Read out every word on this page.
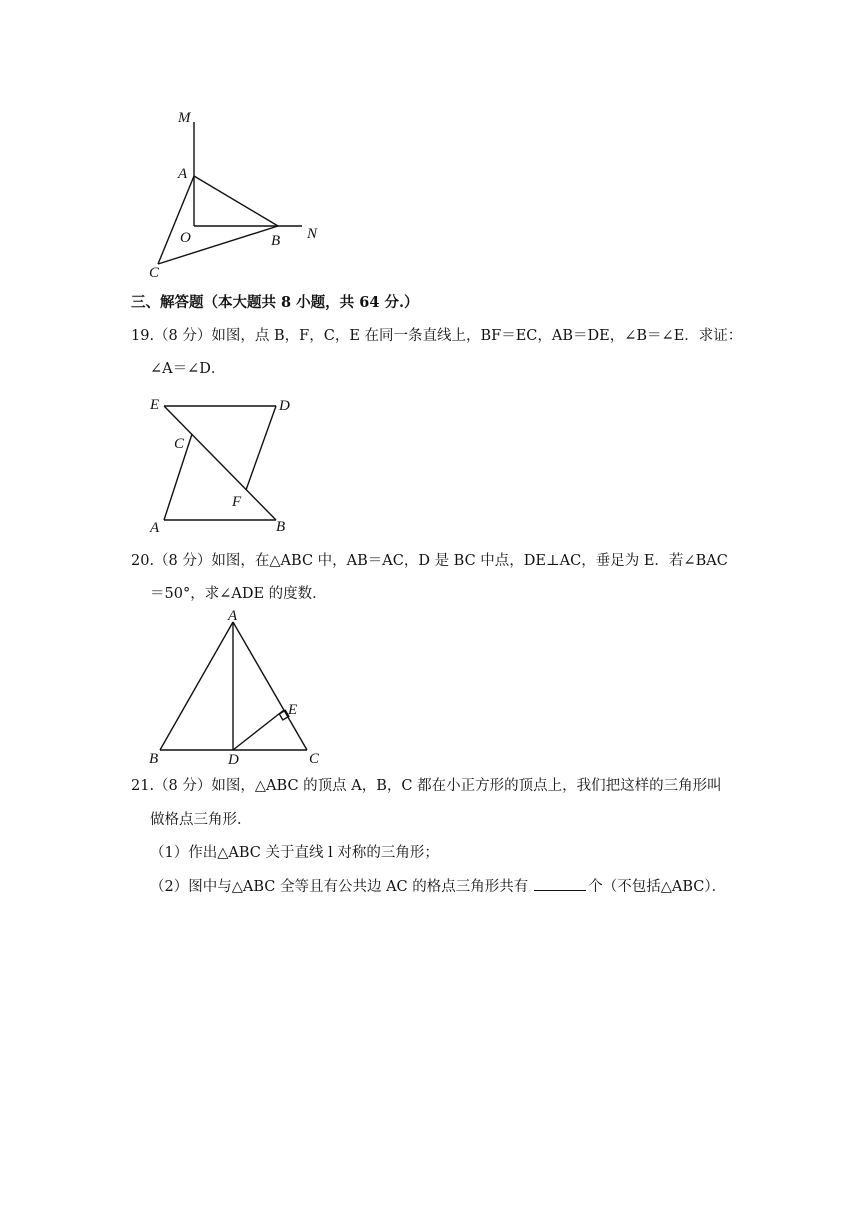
M
A
O	B N
C
三、解答题（本大题共 8 小题，共 64 分.）
19.（8 分）如图，点 B，F，C，E 在同一条直线上，BF＝EC，AB＝DE，∠B＝∠E．求证：
∠A＝∠D．
E	D
C
F
A	B
20.（8 分）如图，在△ABC 中，AB＝AC，D 是 BC 中点，DE⊥AC，垂足为 E．若∠BAC
＝50°，求∠ADE 的度数．
A
E
B	D	C
21.（8 分）如图，△ABC 的顶点 A，B，C 都在小正方形的顶点上，我们把这样的三角形叫
做格点三角形．
（1）作出△ABC 关于直线 l 对称的三角形；
（2）图中与△ABC 全等且有公共边 AC 的格点三角形共有	个（不包括△ABC）．
